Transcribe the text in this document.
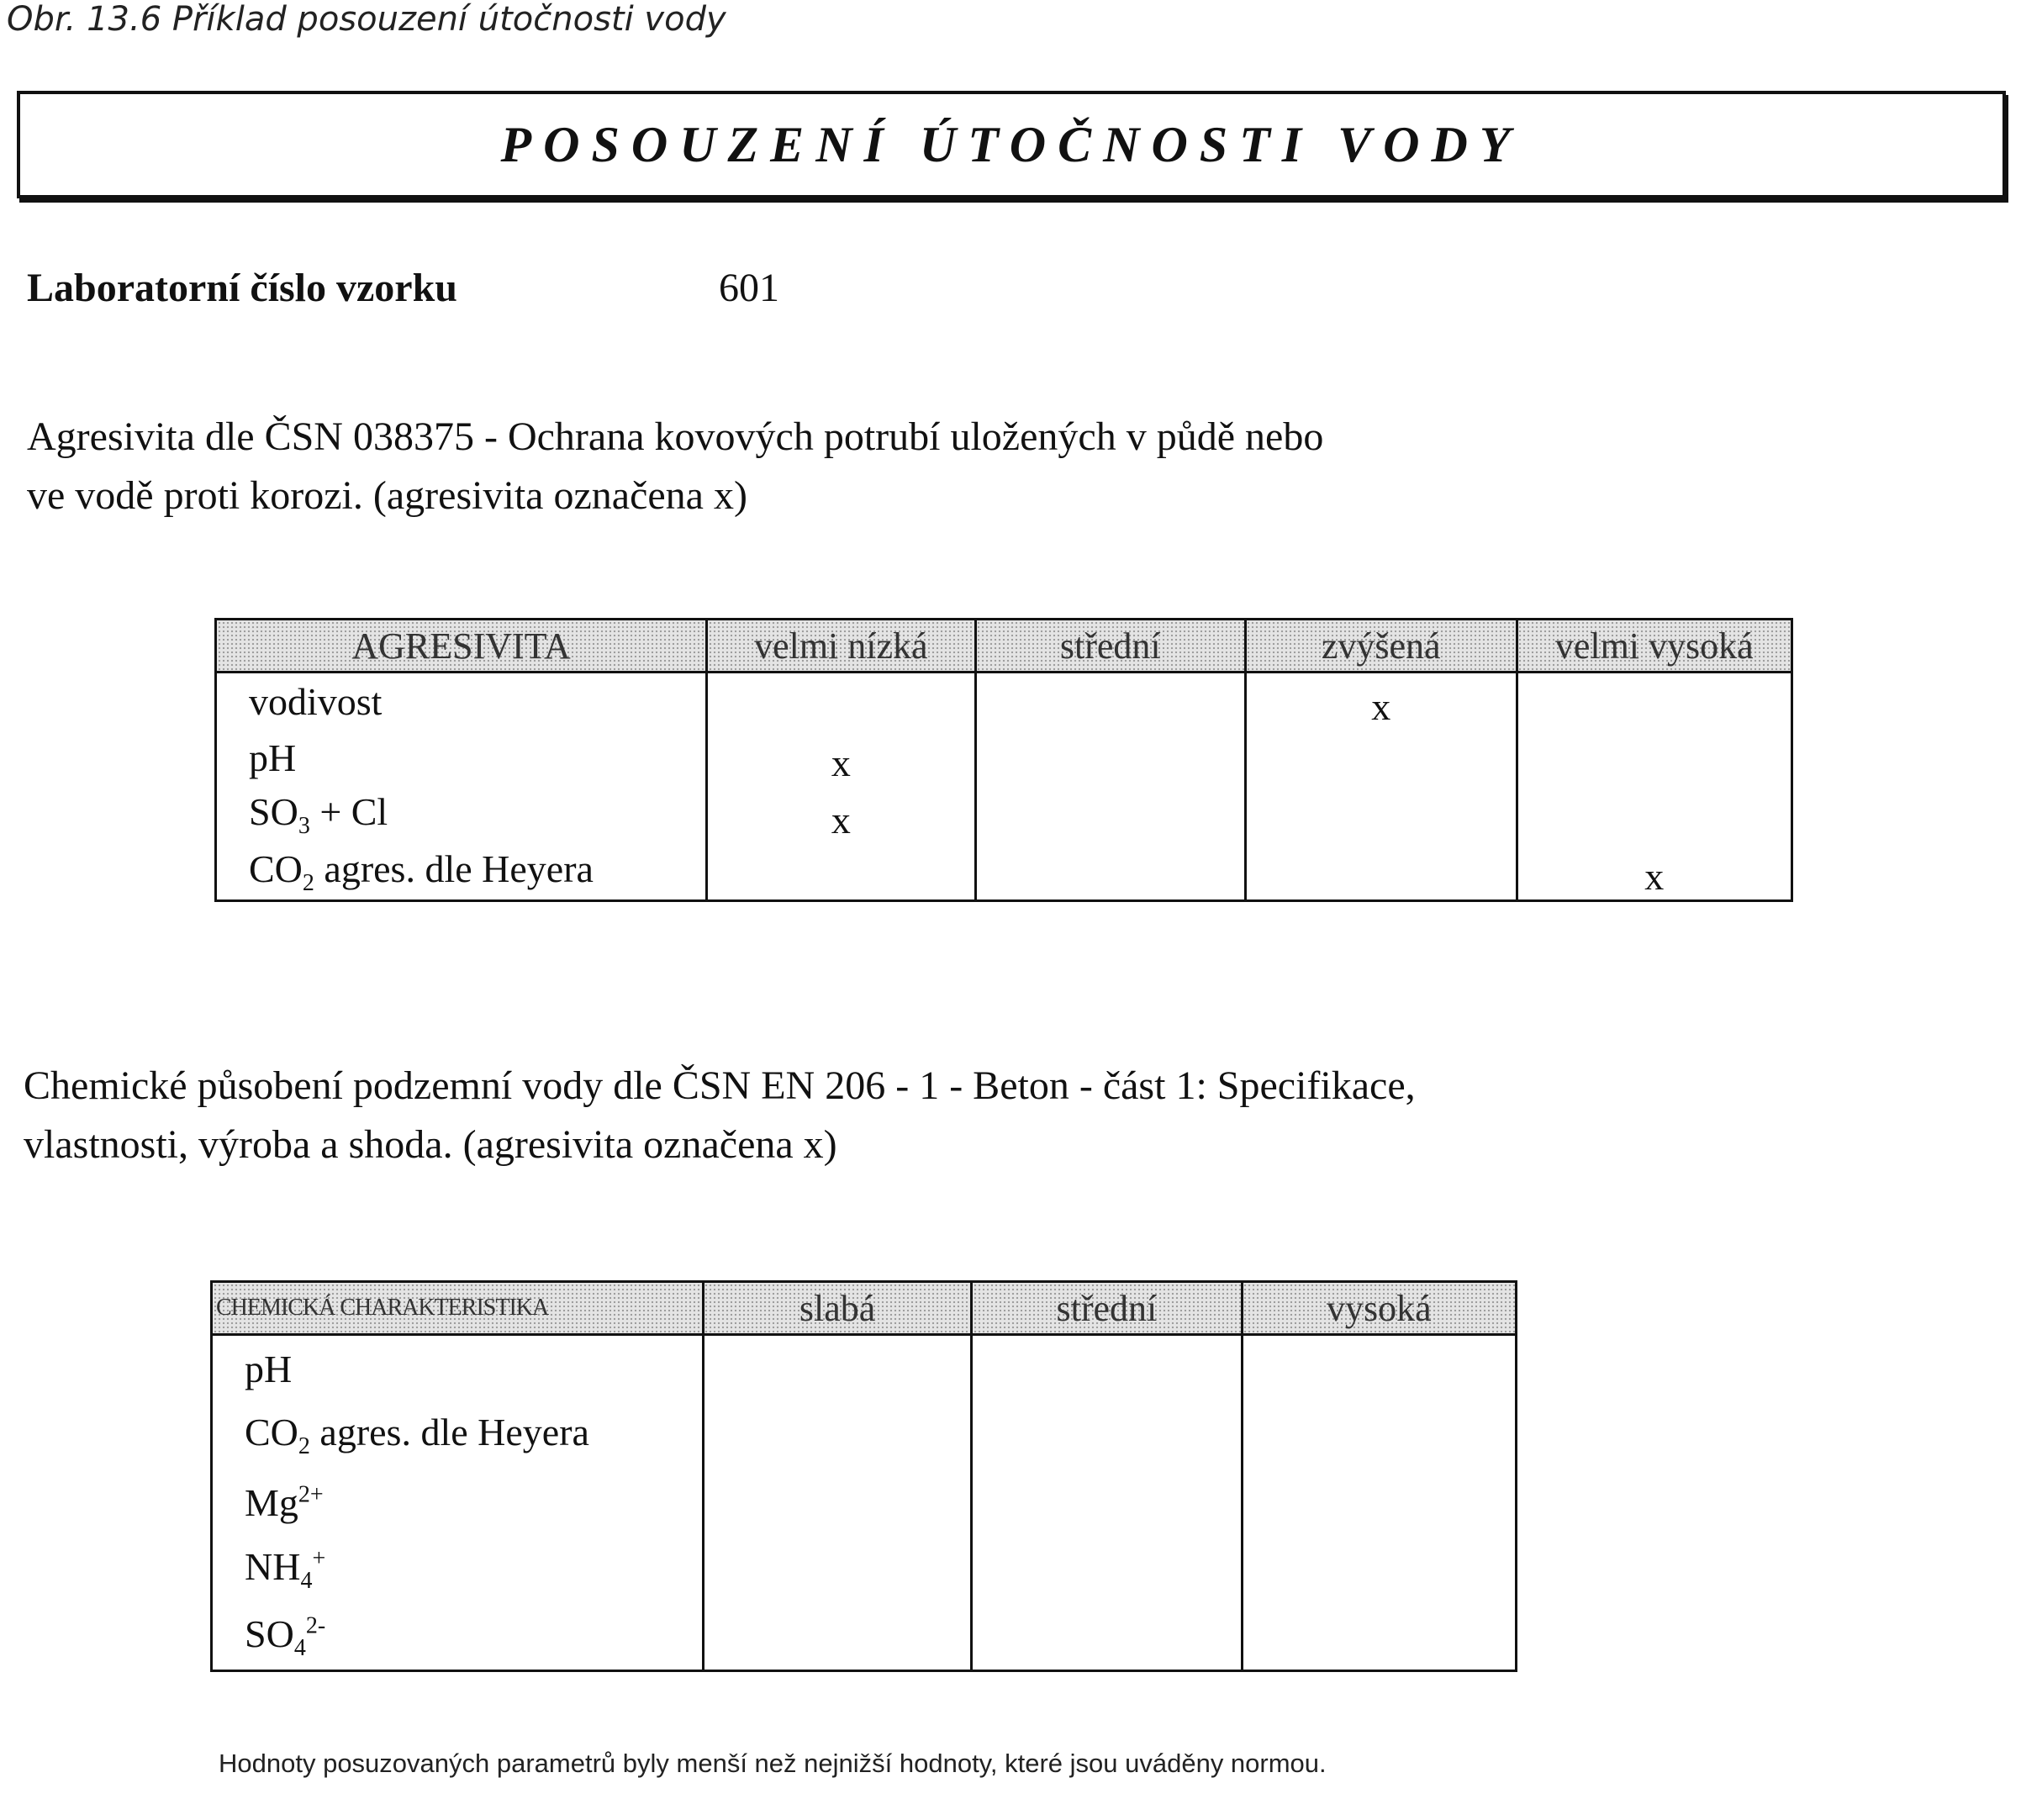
Obr. 13.6 Příklad posouzení útočnosti vody
POSOUZENÍ ÚTOČNOSTI VODY
Laboratorní číslo vzorku	601
Agresivita dle ČSN 038375 - Ochrana kovových potrubí uložených v půdě nebo
ve vodě proti korozi. (agresivita označena x)
AGRESIVITA	velmi nízká	střední	zvýšená	velmi vysoká
vodivost			x	
pH	x			
$SO_3 + Cl$	x			
$CO_2$ agres. dle Heyera				x
Chemické působení podzemní vody dle ČSN EN 206 - 1 - Beton - část 1: Specifikace,
vlastnosti, výroba a shoda. (agresivita označena x)
CHEMICKÁ CHARAKTERISTIKA	slabá	střední	vysoká
pH			
$CO_2$ agres. dle Heyera			
$Mg^{2+}$			
$NH_4^+$			
$SO_4^{2-}$			
Hodnoty posuzovaných parametrů byly menší než nejnižší hodnoty, které jsou uváděny normou.
